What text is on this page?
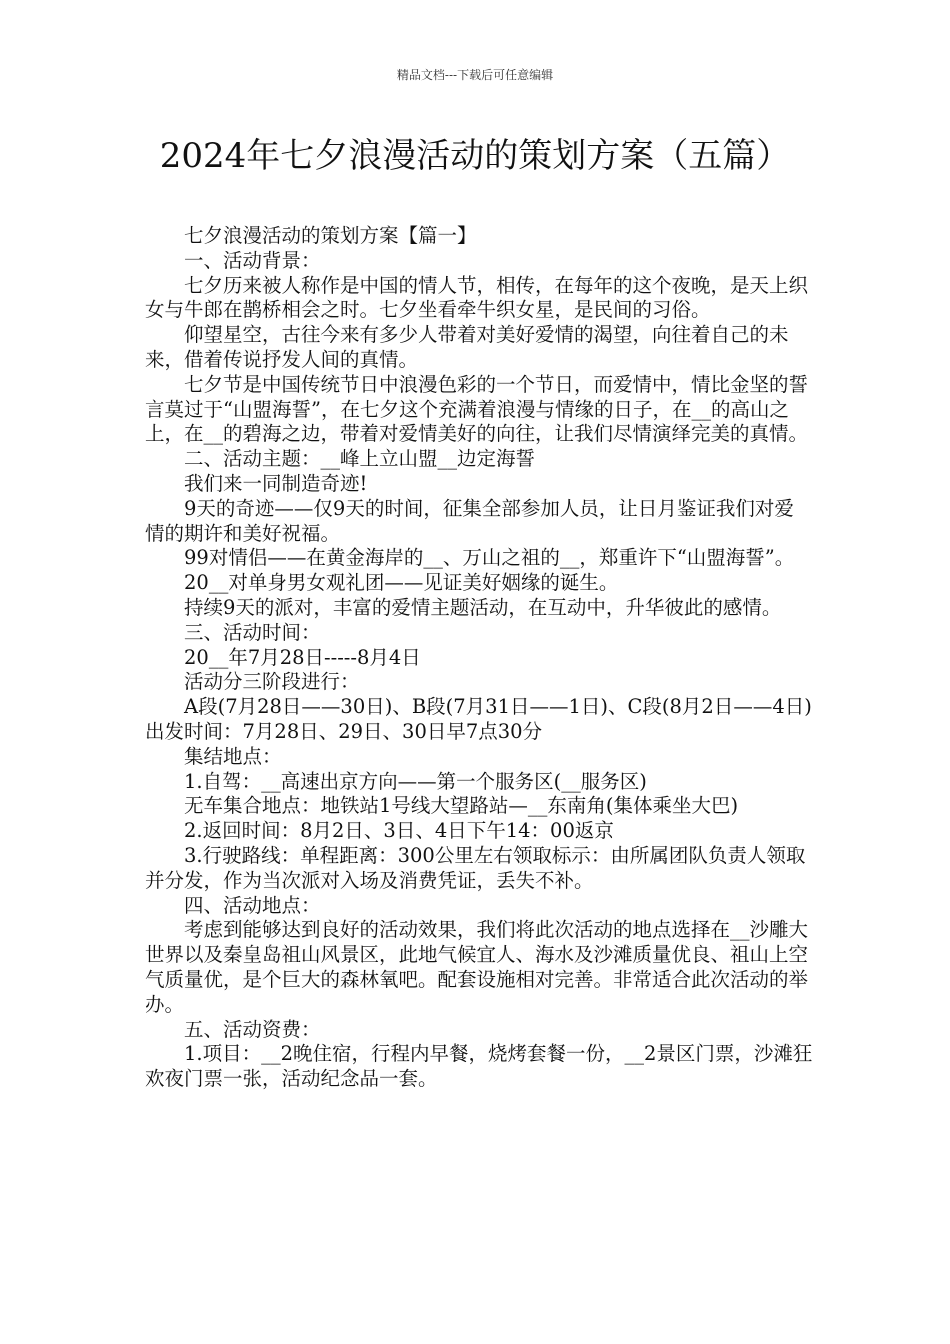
精品文档---下载后可任意编辑
2024年七夕浪漫活动的策划方案（五篇）

七夕浪漫活动的策划方案【篇一】

一、活动背景：

七夕历来被人称作是中国的情人节，相传，在每年的这个夜晚，是天上织女与牛郎在鹊桥相会之时。七夕坐看牵牛织女星，是民间的习俗。

仰望星空，古往今来有多少人带着对美好爱情的渴望，向往着自己的未来，借着传说抒发人间的真情。

七夕节是中国传统节日中浪漫色彩的一个节日，而爱情中，情比金坚的誓言莫过于“山盟海誓”，在七夕这个充满着浪漫与情缘的日子，在__的高山之上，在__的碧海之边，带着对爱情美好的向往，让我们尽情演绎完美的真情。

二、活动主题：__峰上立山盟__边定海誓

我们来一同制造奇迹!

9天的奇迹——仅9天的时间，征集全部参加人员，让日月鉴证我们对爱情的期许和美好祝福。

99对情侣——在黄金海岸的__、万山之祖的__，郑重许下“山盟海誓”。

20__对单身男女观礼团——见证美好姻缘的诞生。

持续9天的派对，丰富的爱情主题活动，在互动中，升华彼此的感情。

三、活动时间：

20__年7月28日-----8月4日

活动分三阶段进行：

A段(7月28日——30日)、B段(7月31日——1日)、C段(8月2日——4日)出发时间：7月28日、29日、30日早7点30分

集结地点：

1.自驾：__高速出京方向——第一个服务区(__服务区)

无车集合地点：地铁站1号线大望路站—__东南角(集体乘坐大巴)

2.返回时间：8月2日、3日、4日下午14：00返京

3.行驶路线：单程距离：300公里左右领取标示：由所属团队负责人领取并分发，作为当次派对入场及消费凭证，丢失不补。

四、活动地点：

考虑到能够达到良好的活动效果，我们将此次活动的地点选择在__沙雕大世界以及秦皇岛祖山风景区，此地气候宜人、海水及沙滩质量优良、祖山上空气质量优，是个巨大的森林氧吧。配套设施相对完善。非常适合此次活动的举办。

五、活动资费：

1.项目：__2晚住宿，行程内早餐，烧烤套餐一份，__2景区门票，沙滩狂欢夜门票一张，活动纪念品一套。
